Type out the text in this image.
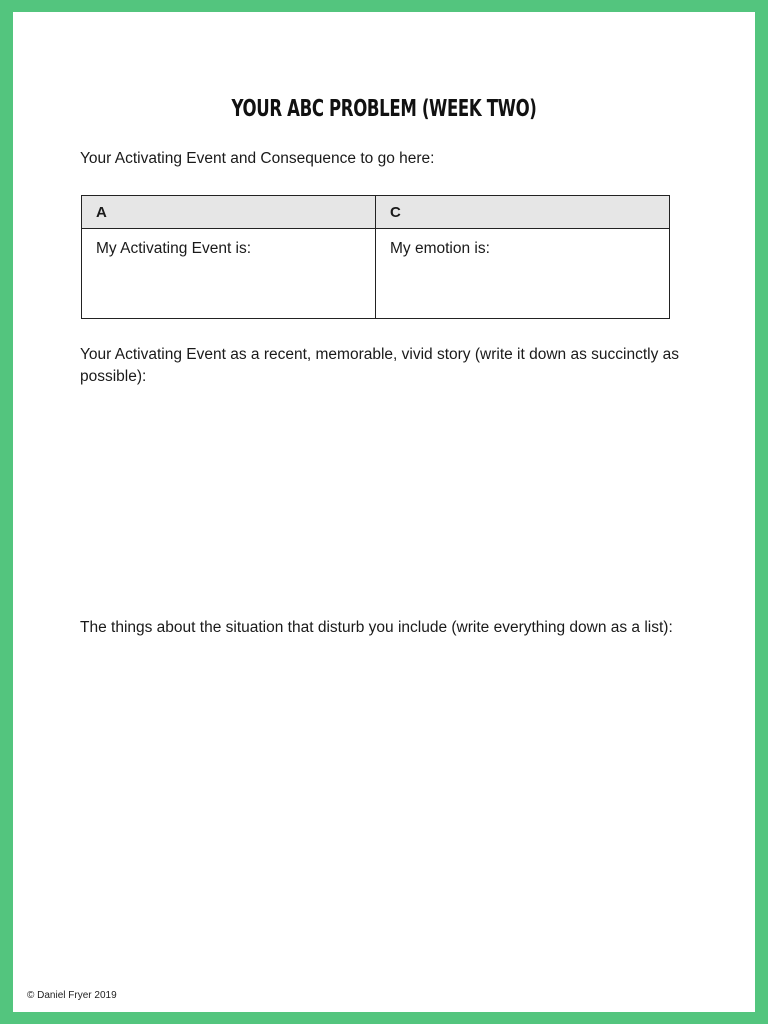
YOUR ABC PROBLEM (WEEK TWO)
Your Activating Event and Consequence to go here:
A	C
My Activating Event is:	My emotion is:
Your Activating Event as a recent, memorable, vivid story (write it down as succinctly as possible):
The things about the situation that disturb you include (write everything down as a list):
© Daniel Fryer 2019
